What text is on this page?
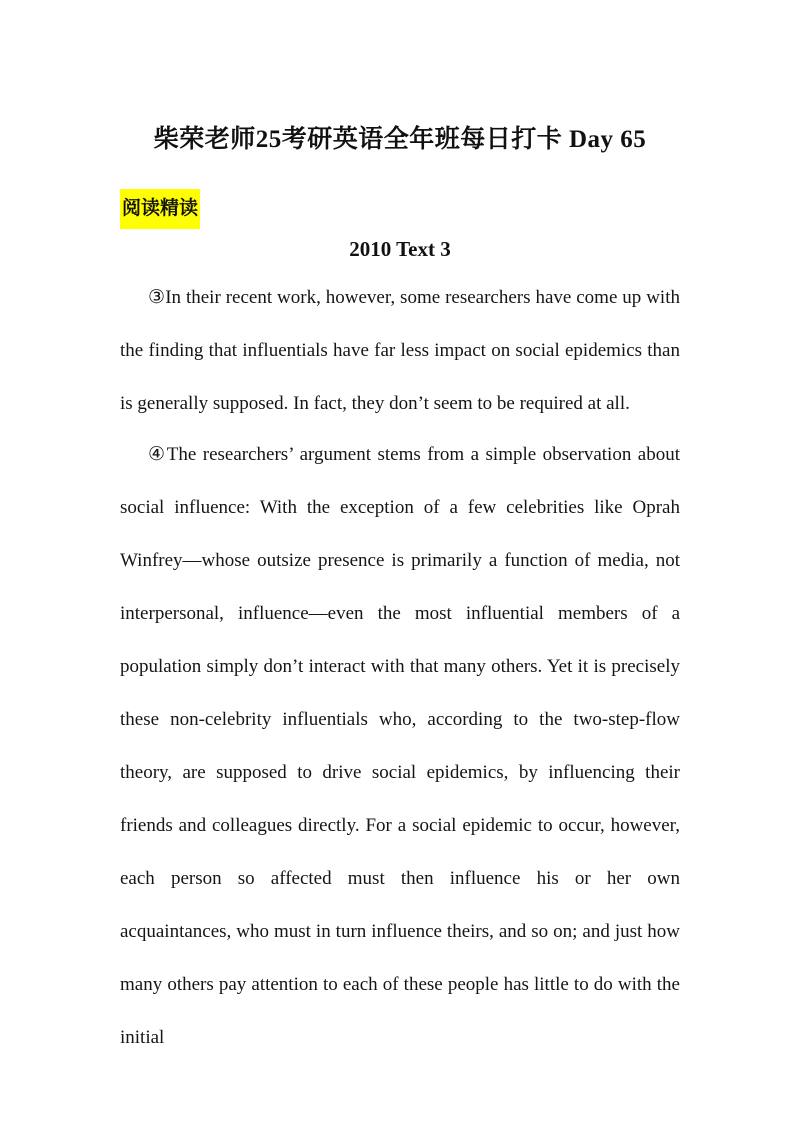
柴荣老师25考研英语全年班每日打卡 Day 65
阅读精读
2010 Text 3

③In their recent work, however, some researchers have come up with the finding that influentials have far less impact on social epidemics than is generally supposed. In fact, they don’t seem to be required at all.

④The researchers’ argument stems from a simple observation about social influence: With the exception of a few celebrities like Oprah Winfrey—whose outsize presence is primarily a function of media, not interpersonal, influence—even the most influential members of a population simply don’t interact with that many others. Yet it is precisely these non-celebrity influentials who, according to the two-step-flow theory, are supposed to drive social epidemics, by influencing their friends and colleagues directly. For a social epidemic to occur, however, each person so affected must then influence his or her own acquaintances, who must in turn influence theirs, and so on; and just how many others pay attention to each of these people has little to do with the initial
